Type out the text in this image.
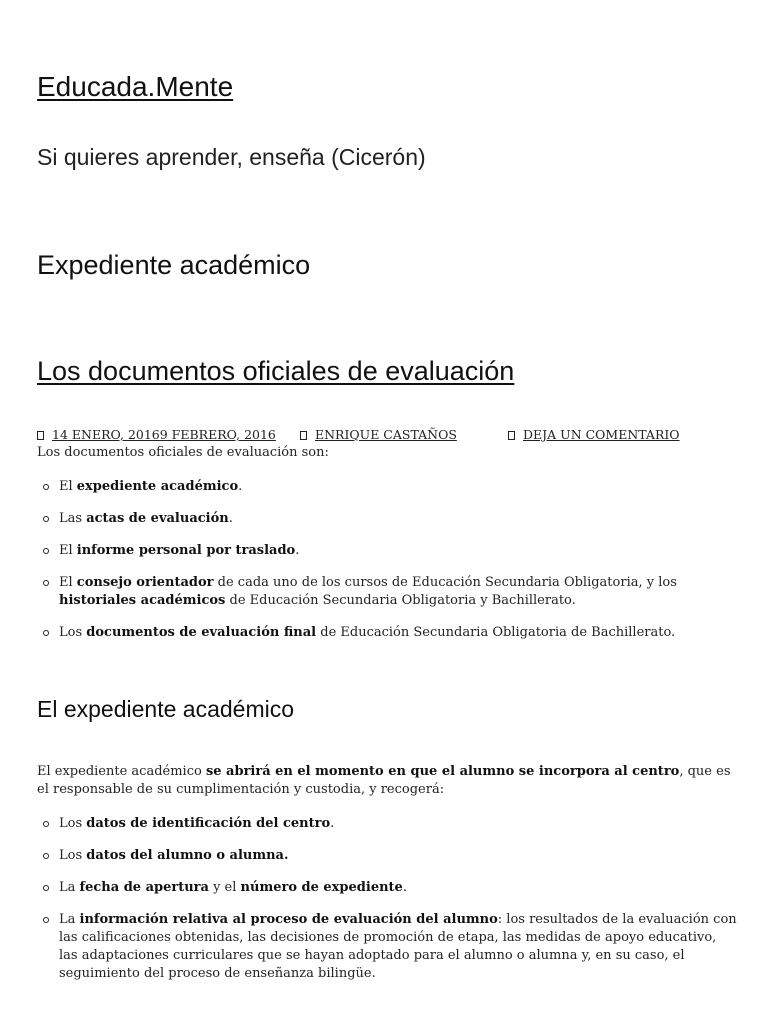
Educada.Mente
Si quieres aprender, enseña (Cicerón)
Expediente académico
Los documentos oficiales de evaluación
14 ENERO, 20169 FEBRERO, 2016	ENRIQUE CASTAÑOS	DEJA UN COMENTARIO

Los documentos oficiales de evaluación son:

El expediente académico.
Las actas de evaluación.
El informe personal por traslado.
El consejo orientador de cada uno de los cursos de Educación Secundaria Obligatoria, y los historiales académicos de Educación Secundaria Obligatoria y Bachillerato.
Los documentos de evaluación final de Educación Secundaria Obligatoria de Bachillerato.
El expediente académico

El expediente académico se abrirá en el momento en que el alumno se incorpora al centro, que es el responsable de su cumplimentación y custodia, y recogerá:

Los datos de identificación del centro.
Los datos del alumno o alumna.
La fecha de apertura y el número de expediente.
La información relativa al proceso de evaluación del alumno: los resultados de la evaluación con las calificaciones obtenidas, las decisiones de promoción de etapa, las medidas de apoyo educativo, las adaptaciones curriculares que se hayan adoptado para el alumno o alumna y, en su caso, el seguimiento del proceso de enseñanza bilingüe.
